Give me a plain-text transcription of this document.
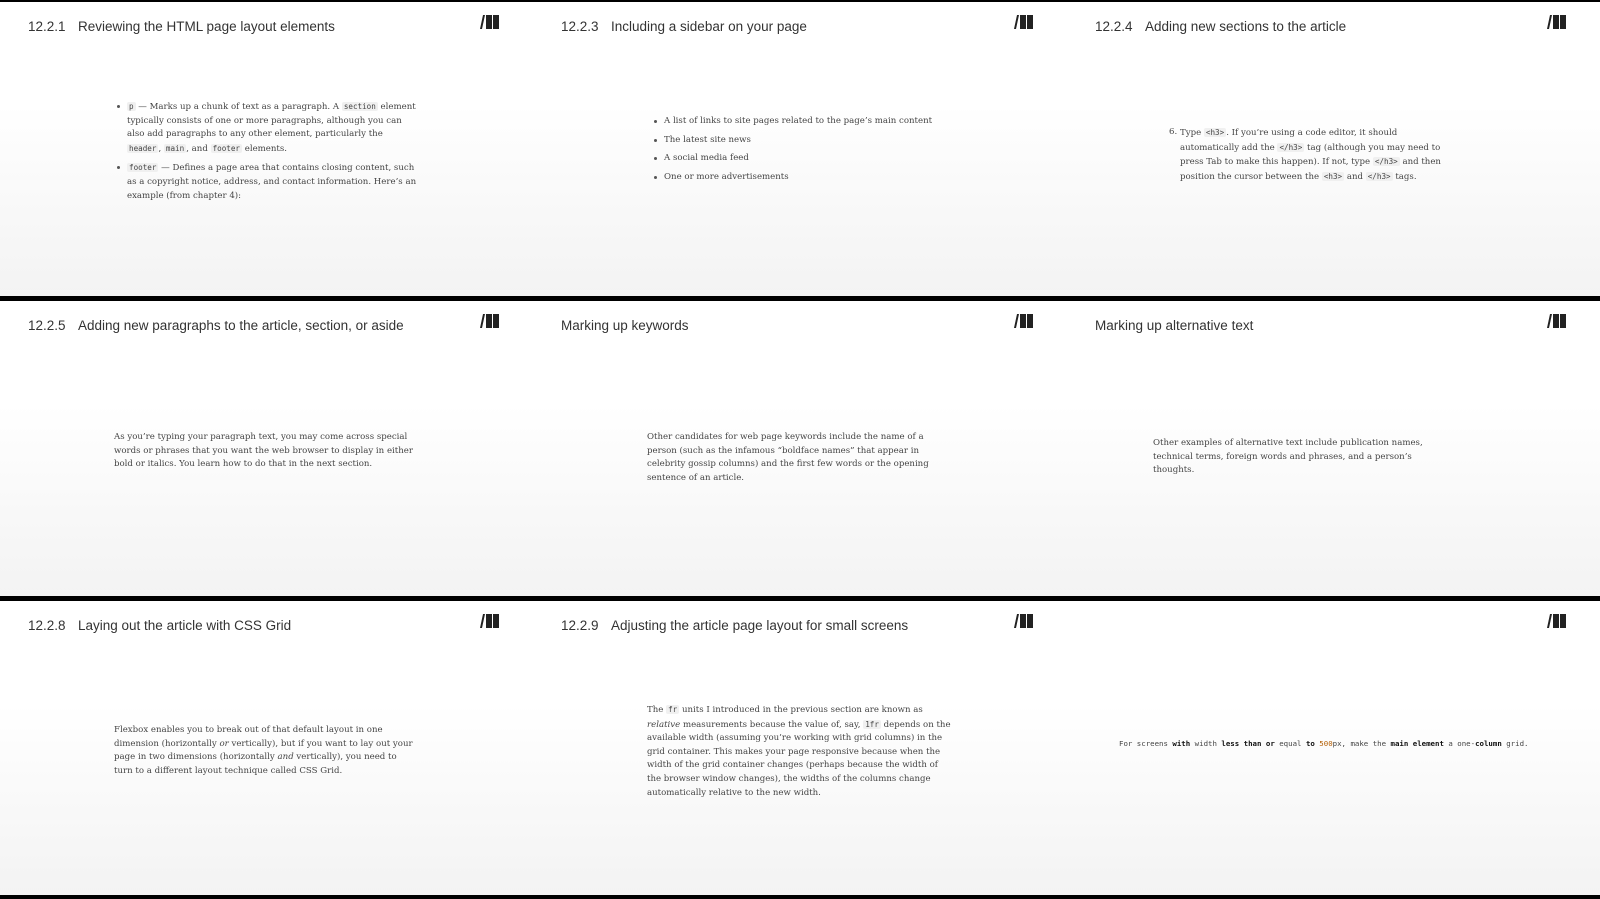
12.2.1 Reviewing the HTML page layout elements
p — Marks up a chunk of text as a paragraph. A section element typically consists of one or more paragraphs, although you can also add paragraphs to any other element, particularly the header , main , and footer elements.
footer — Defines a page area that contains closing content, such as a copyright notice, address, and contact information. Here’s an example (from chapter 4):
12.2.3 Including a sidebar on your page
A list of links to site pages related to the page’s main content
The latest site news
A social media feed
One or more advertisements
12.2.4 Adding new sections to the article
6. Type <h3> . If you’re using a code editor, it should automatically add the </h3> tag (although you may need to press Tab to make this happen). If not, type </h3> and then position the cursor between the <h3> and </h3> tags.
12.2.5 Adding new paragraphs to the article, section, or aside

As you’re typing your paragraph text, you may come across special words or phrases that you want the web browser to display in either bold or italics. You learn how to do that in the next section.

Marking up keywords

Other candidates for web page keywords include the name of a person (such as the infamous “boldface names” that appear in celebrity gossip columns) and the first few words or the opening sentence of an article.

Marking up alternative text

Other examples of alternative text include publication names, technical terms, foreign words and phrases, and a person’s thoughts.

12.2.8 Laying out the article with CSS Grid

Flexbox enables you to break out of that default layout in one dimension (horizontally or vertically), but if you want to lay out your page in two dimensions (horizontally and vertically), you need to turn to a different layout technique called CSS Grid.

12.2.9 Adjusting the article page layout for small screens

The fr units I introduced in the previous section are known as relative measurements because the value of, say, 1fr depends on the available width (assuming you’re working with grid columns) in the grid container. This makes your page responsive because when the width of the grid container changes (perhaps because the width of the browser window changes), the widths of the columns change automatically relative to the new width.

For screens with width less than or equal to 500px, make the main element a one-column grid.
